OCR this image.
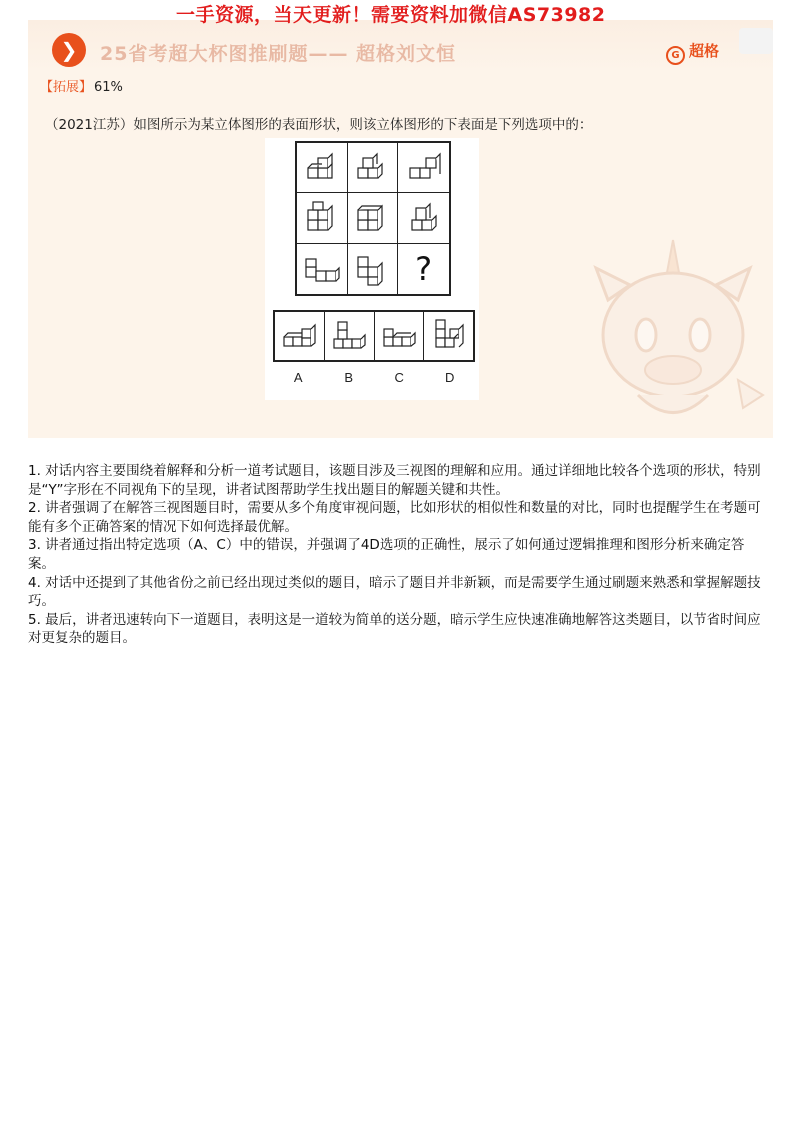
❯	25省考超大杯图推刷题—— 超格刘文恒	G 超格
【拓展】 61%
（2021江苏）如图所示为某立体图形的表面形状，则该立体图形的下表面是下列选项中的：
?
A	B	C	D
一手资源，当天更新！需要资料加微信AS73982

1. 对话内容主要围绕着解释和分析一道考试题目，该题目涉及三视图的理解和应用。通过详细地比较各个选项的形状，特别是“Y”字形在不同视角下的呈现，讲者试图帮助学生找出题目的解题关键和共性。

2. 讲者强调了在解答三视图题目时，需要从多个角度审视问题，比如形状的相似性和数量的对比，同时也提醒学生在考题可能有多个正确答案的情况下如何选择最优解。

3. 讲者通过指出特定选项（A、C）中的错误，并强调了4D选项的正确性，展示了如何通过逻辑推理和图形分析来确定答案。

4. 对话中还提到了其他省份之前已经出现过类似的题目，暗示了题目并非新颖，而是需要学生通过刷题来熟悉和掌握解题技巧。

5. 最后，讲者迅速转向下一道题目，表明这是一道较为简单的送分题，暗示学生应快速准确地解答这类题目，以节省时间应对更复杂的题目。
